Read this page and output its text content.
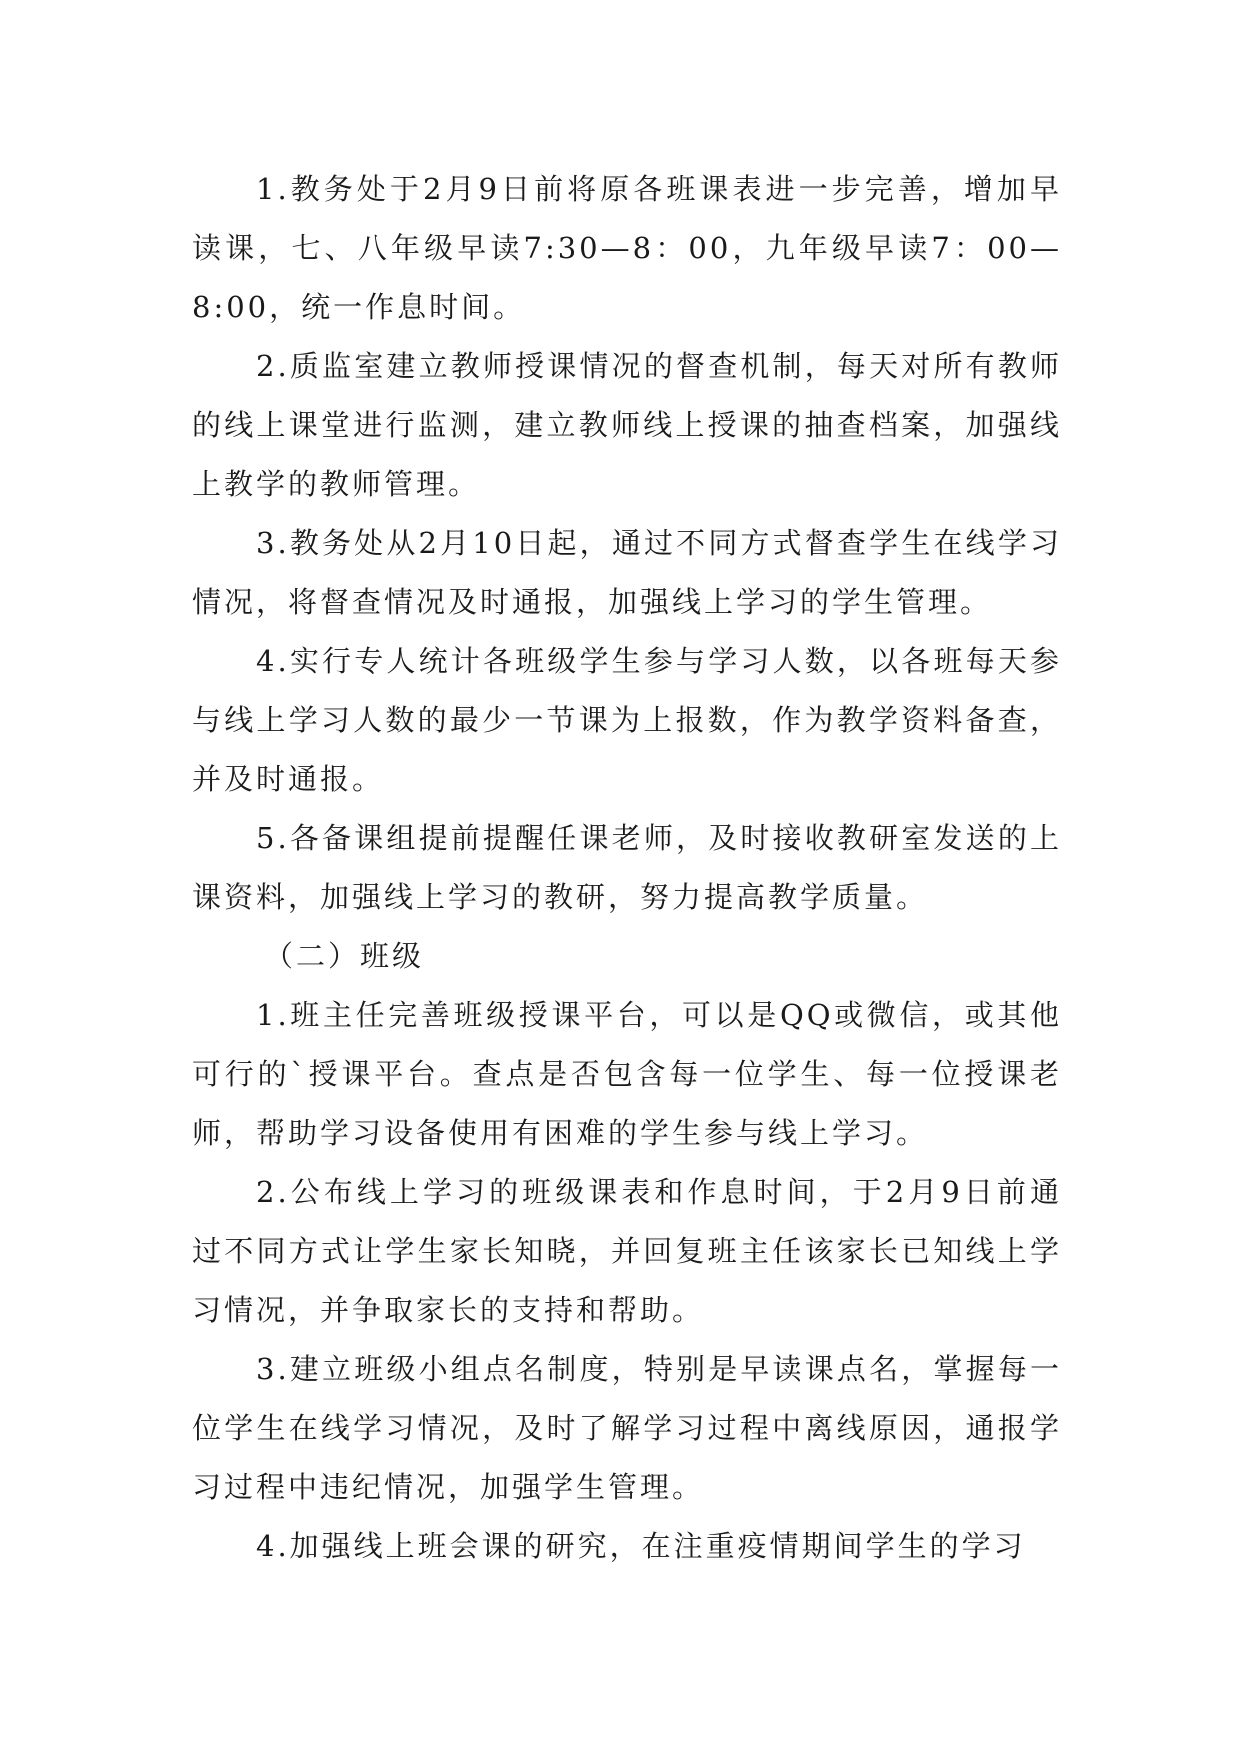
1.教务处于2月9日前将原各班课表进一步完善，增加早读课，七、八年级早读7:30—8：00，九年级早读7：00—8:00，统一作息时间。

2.质监室建立教师授课情况的督查机制，每天对所有教师的线上课堂进行监测，建立教师线上授课的抽查档案，加强线上教学的教师管理。

3.教务处从2月10日起，通过不同方式督查学生在线学习情况，将督查情况及时通报，加强线上学习的学生管理。

4.实行专人统计各班级学生参与学习人数，以各班每天参与线上学习人数的最少一节课为上报数，作为教学资料备查，并及时通报。

5.各备课组提前提醒任课老师，及时接收教研室发送的上课资料，加强线上学习的教研，努力提高教学质量。

（二）班级

1.班主任完善班级授课平台，可以是QQ或微信，或其他可行的`授课平台。查点是否包含每一位学生、每一位授课老师，帮助学习设备使用有困难的学生参与线上学习。

2.公布线上学习的班级课表和作息时间，于2月9日前通过不同方式让学生家长知晓，并回复班主任该家长已知线上学习情况，并争取家长的支持和帮助。

3.建立班级小组点名制度，特别是早读课点名，掌握每一位学生在线学习情况，及时了解学习过程中离线原因，通报学习过程中违纪情况，加强学生管理。

4.加强线上班会课的研究，在注重疫情期间学生的学习
